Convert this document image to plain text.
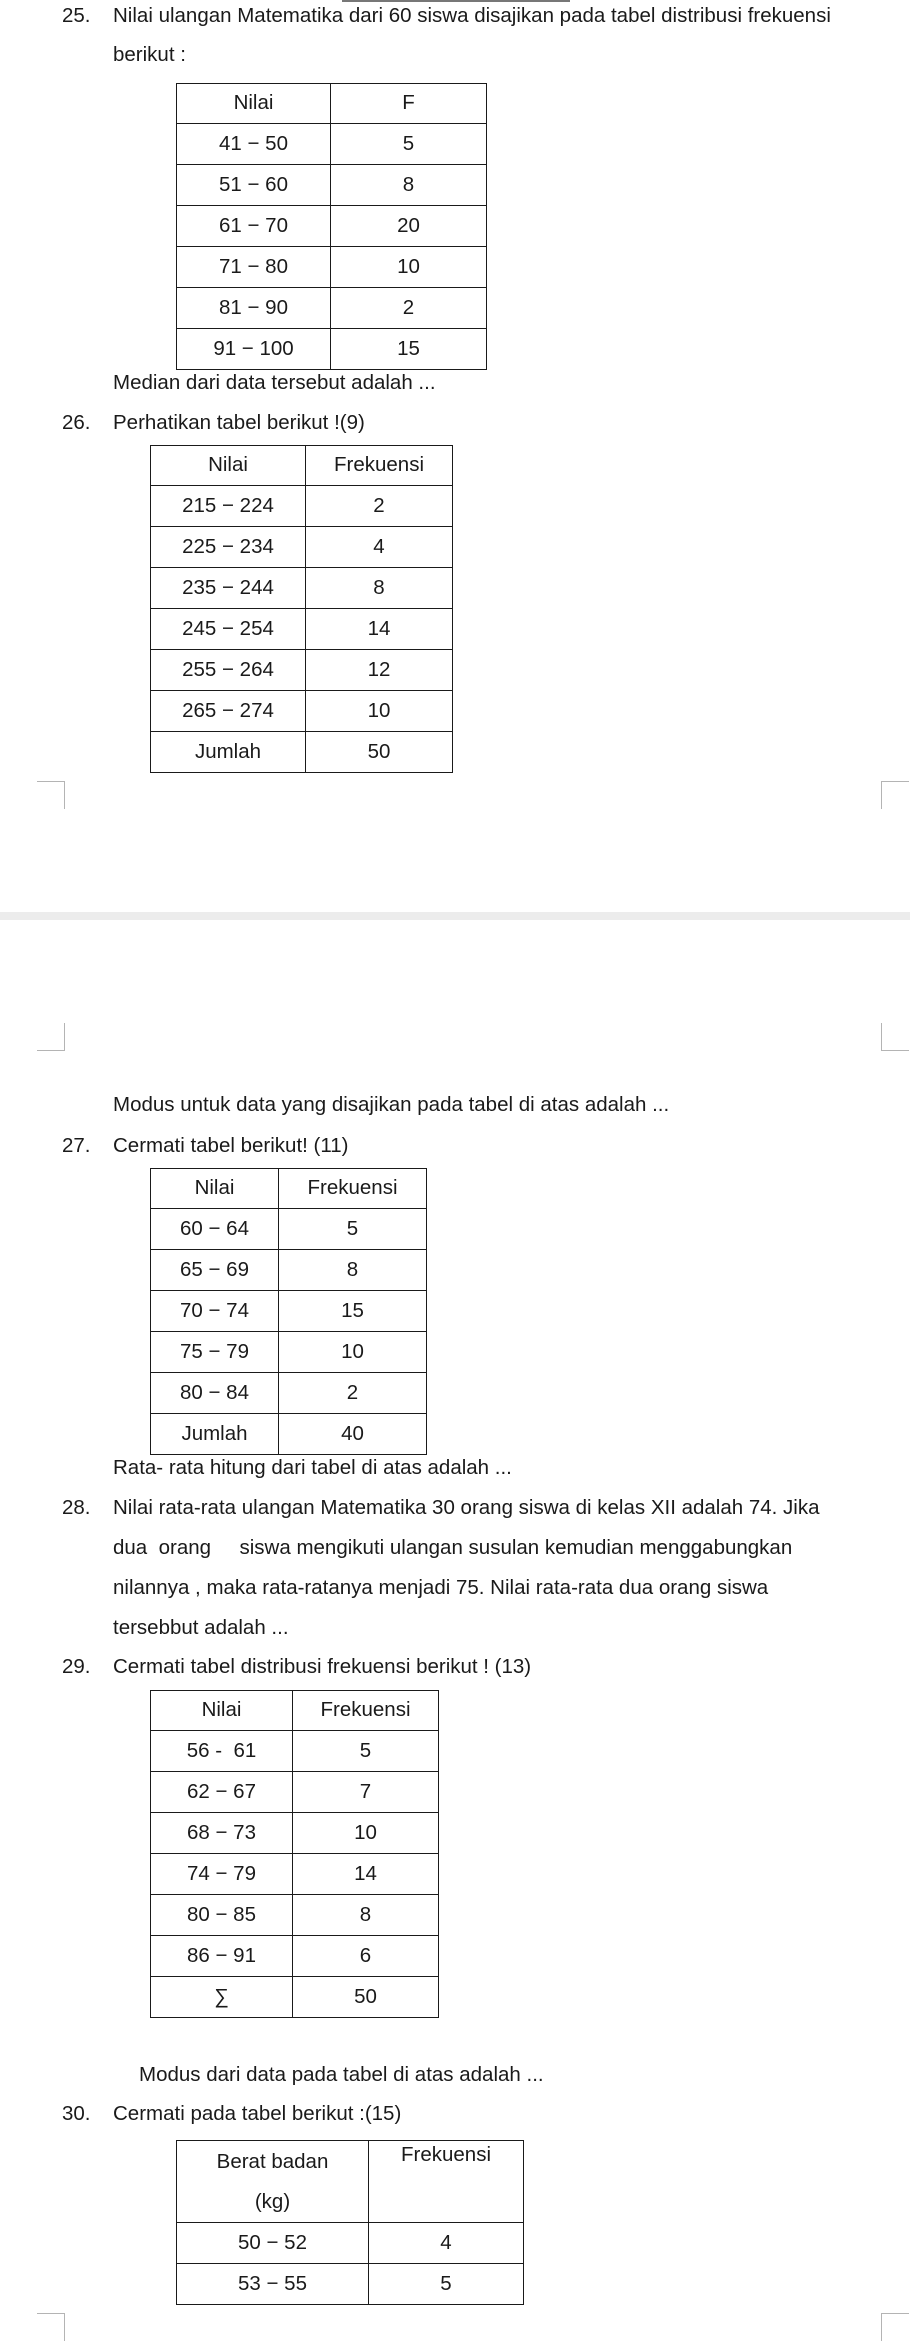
25. Nilai ulangan Matematika dari 60 siswa disajikan pada tabel distribusi frekuensi
berikut :
Nilai	F
41 − 50	5
51 − 60	8
61 − 70	20
71 − 80	10
81 − 90	2
91 − 100	15
Median dari data tersebut adalah ...
26. Perhatikan tabel berikut !(9)
Nilai	Frekuensi
215 − 224	2
225 − 234	4
235 − 244	8
245 − 254	14
255 − 264	12
265 − 274	10
Jumlah	50
Modus untuk data yang disajikan pada tabel di atas adalah ...
27. Cermati tabel berikut! (11)
Nilai	Frekuensi
60 − 64	5
65 − 69	8
70 − 74	15
75 − 79	10
80 − 84	2
Jumlah	40
Rata- rata hitung dari tabel di atas adalah ...
28. Nilai rata-rata ulangan Matematika 30 orang siswa di kelas XII adalah 74. Jika
dua  orang     siswa mengikuti ulangan susulan kemudian menggabungkan
nilannya , maka rata-ratanya menjadi 75. Nilai rata-rata dua orang siswa
tersebbut adalah ...
29. Cermati tabel distribusi frekuensi berikut ! (13)
Nilai	Frekuensi
56 -  61	5
62 − 67	7
68 − 73	10
74 − 79	14
80 − 85	8
86 − 91	6
∑	50
Modus dari data pada tabel di atas adalah ...
30. Cermati pada tabel berikut :(15)
Berat badan
(kg)	Frekuensi
50 − 52	4
53 − 55	5
